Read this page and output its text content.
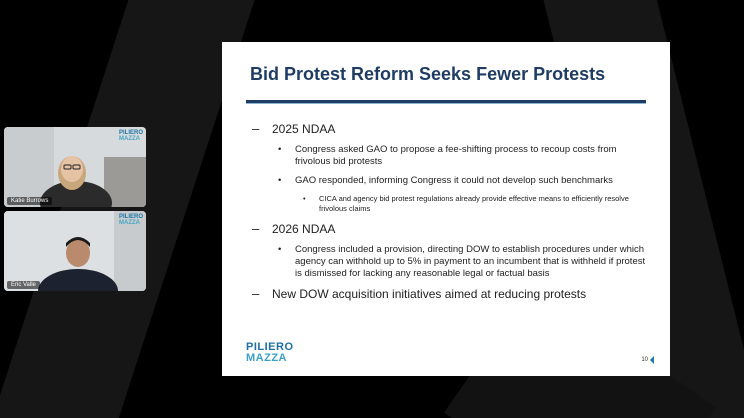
PILIERO
MAZZA
Katie Burrows
PILIERO
MAZZA
Eric Valle
Bid Protest Reform Seeks Fewer Protests

– 2025 NDAA

• Congress asked GAO to propose a fee-shifting process to recoup costs from frivolous bid protests

• GAO responded, informing Congress it could not develop such benchmarks

• CICA and agency bid protest regulations already provide effective means to efficiently resolve frivolous claims

– 2026 NDAA

• Congress included a provision, directing DOW to establish procedures under which agency can withhold up to 5% in payment to an incumbent that is withheld if protest is dismissed for lacking any reasonable legal or factual basis

– New DOW acquisition initiatives aimed at reducing protests

PILIERO
MAZZA	10
